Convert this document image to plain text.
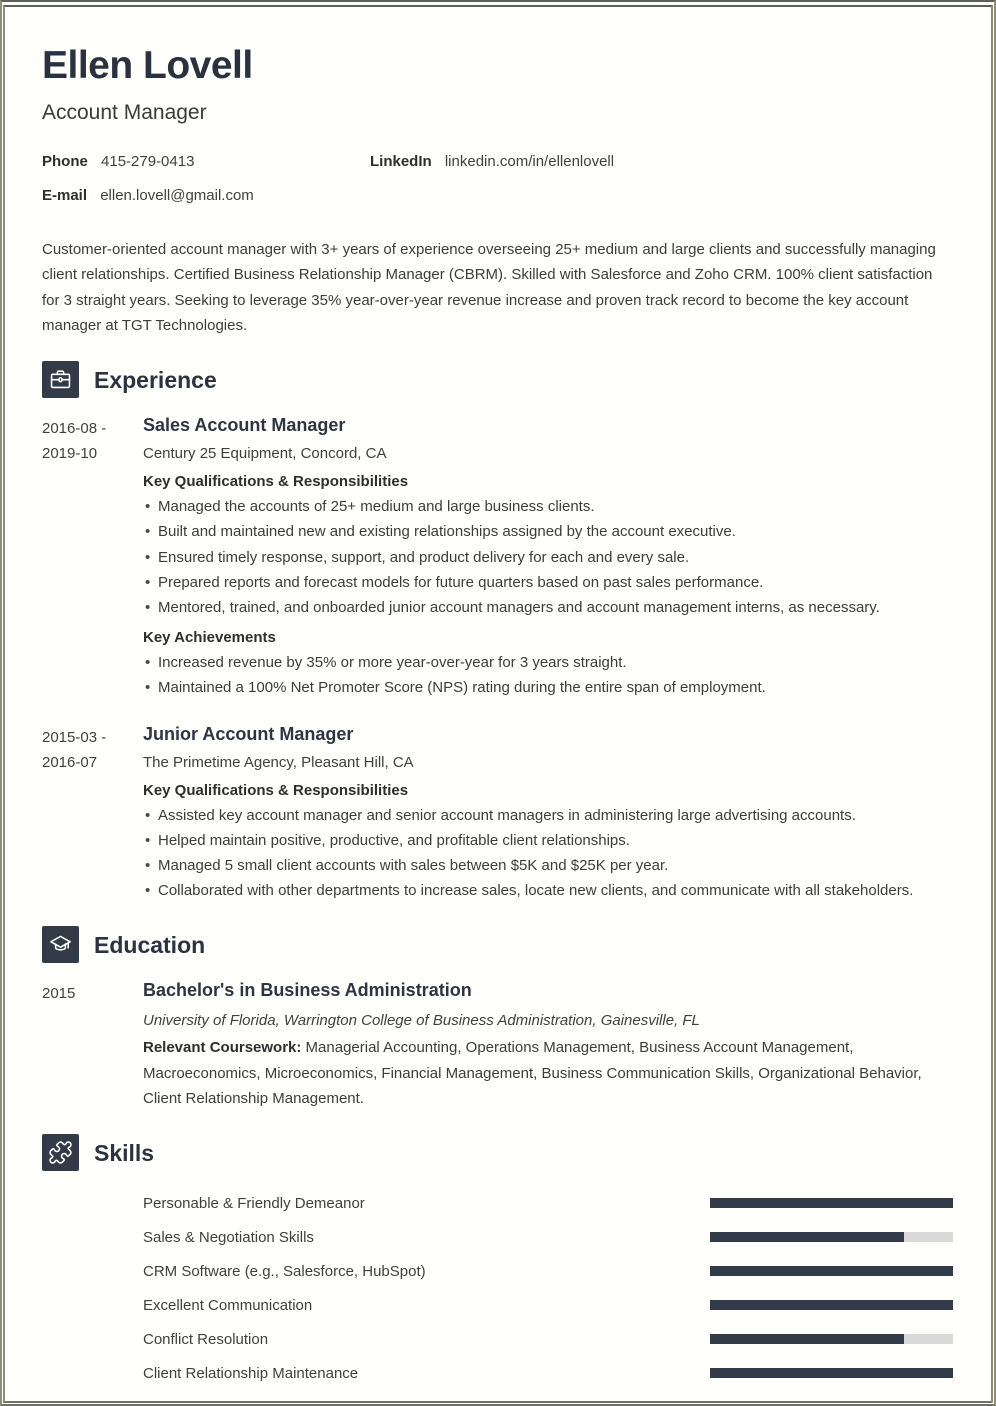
Ellen Lovell
Account Manager
Phone 415-279-0413	LinkedIn linkedin.com/in/ellenlovell
E-mail ellen.lovell@gmail.com

Customer-oriented account manager with 3+ years of experience overseeing 25+ medium and large clients and successfully managing client relationships. Certified Business Relationship Manager (CBRM). Skilled with Salesforce and Zoho CRM. 100% client satisfaction for 3 straight years. Seeking to leverage 35% year-over-year revenue increase and proven track record to become the key account manager at TGT Technologies.

Experience
2016-08 -
2019-10
Sales Account Manager
Century 25 Equipment, Concord, CA
Key Qualifications & Responsibilities
• Managed the accounts of 25+ medium and large business clients.
• Built and maintained new and existing relationships assigned by the account executive.
• Ensured timely response, support, and product delivery for each and every sale.
• Prepared reports and forecast models for future quarters based on past sales performance.
• Mentored, trained, and onboarded junior account managers and account management interns, as necessary.
Key Achievements
• Increased revenue by 35% or more year-over-year for 3 years straight.
• Maintained a 100% Net Promoter Score (NPS) rating during the entire span of employment.
2015-03 -
2016-07
Junior Account Manager
The Primetime Agency, Pleasant Hill, CA
Key Qualifications & Responsibilities
• Assisted key account manager and senior account managers in administering large advertising accounts.
• Helped maintain positive, productive, and profitable client relationships.
• Managed 5 small client accounts with sales between $5K and $25K per year.
• Collaborated with other departments to increase sales, locate new clients, and communicate with all stakeholders.
Education
2015	Bachelor's in Business Administration
University of Florida, Warrington College of Business Administration, Gainesville, FL
Relevant Coursework: Managerial Accounting, Operations Management, Business Account Management, Macroeconomics, Microeconomics, Financial Management, Business Communication Skills, Organizational Behavior, Client Relationship Management.
Skills
Personable & Friendly Demeanor
Sales & Negotiation Skills
CRM Software (e.g., Salesforce, HubSpot)
Excellent Communication
Conflict Resolution
Client Relationship Maintenance
